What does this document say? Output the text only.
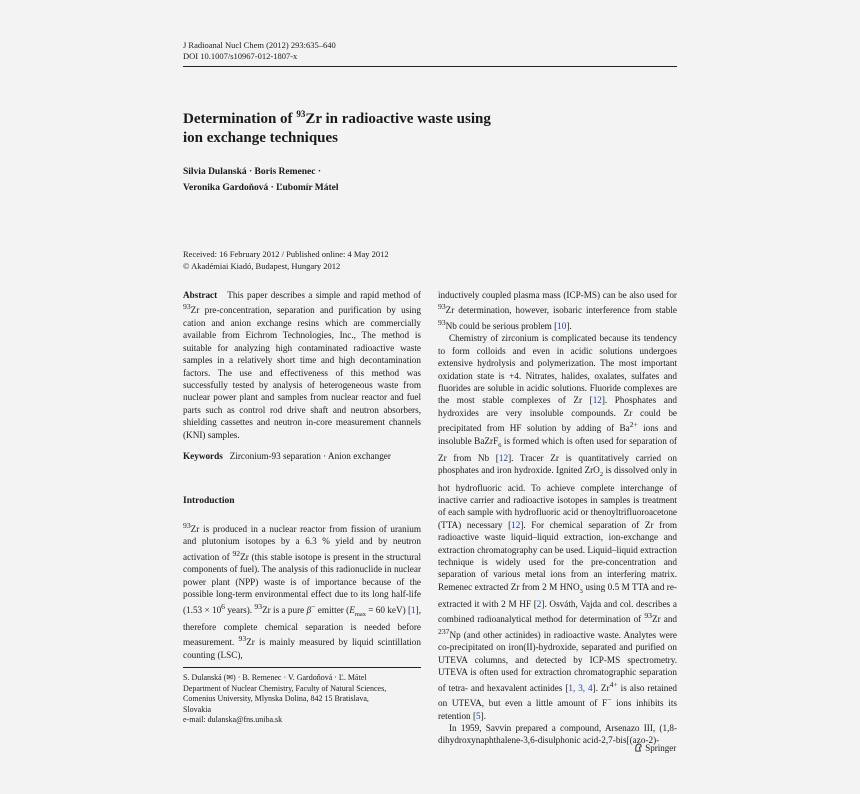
J Radioanal Nucl Chem (2012) 293:635–640
DOI 10.1007/s10967-012-1807-x
Determination of $^{93}$Zr in radioactive waste using
ion exchange techniques
Silvia Dulanská · Boris Remenec ·
Veronika Gardoňová · Ľubomír Mátel
Received: 16 February 2012 / Published online: 4 May 2012
© Akadémiai Kiadó, Budapest, Hungary 2012

Abstract This paper describes a simple and rapid method of $^{93}$Zr pre-concentration, separation and purification by using cation and anion exchange resins which are commercially available from Eichrom Technologies, Inc., The method is suitable for analyzing high contaminated radioactive waste samples in a relatively short time and high decontamination factors. The use and effectiveness of this method was successfully tested by analysis of heterogeneous waste from nuclear power plant and samples from nuclear reactor and fuel parts such as control rod drive shaft and neutron absorbers, shielding cassettes and neutron in-core measurement channels (KNI) samples.

Keywords Zirconium-93 separation · Anion exchanger

Introduction

$^{93}$Zr is produced in a nuclear reactor from fission of uranium and plutonium isotopes by a 6.3 % yield and by neutron activation of $^{92}$Zr (this stable isotope is present in the structural components of fuel). The analysis of this radionuclide in nuclear power plant (NPP) waste is of importance because of the possible long-term environmental effect due to its long half-life ($1.53 \times 10^6$ years). $^{93}$Zr is a pure β− emitter ($E_{max} = 60$ keV) [1], therefore complete chemical separation is needed before measurement. $^{93}$Zr is mainly measured by liquid scintillation counting (LSC),

S. Dulanská (✉) · B. Remenec · V. Gardoňová · Ľ. Mátel
Department of Nuclear Chemistry, Faculty of Natural Sciences,
Comenius University, Mlynska Dolina, 842 15 Bratislava,
Slovakia
e-mail: dulanska@fns.uniba.sk

inductively coupled plasma mass (ICP-MS) can be also used for $^{93}$Zr determination, however, isobaric interference from stable $^{93}$Nb could be serious problem [10].

Chemistry of zirconium is complicated because its tendency to form colloids and even in acidic solutions undergoes extensive hydrolysis and polymerization. The most important oxidation state is +4. Nitrates, halides, oxalates, sulfates and fluorides are soluble in acidic solutions. Fluoride complexes are the most stable complexes of Zr [12]. Phosphates and hydroxides are very insoluble compounds. Zr could be precipitated from HF solution by adding of $Ba^{2+}$ ions and insoluble BaZrF$_6$ is formed which is often used for separation of Zr from Nb [12]. Tracer Zr is quantitatively carried on phosphates and iron hydroxide. Ignited ZrO$_2$ is dissolved only in hot hydrofluoric acid. To achieve complete interchange of inactive carrier and radioactive isotopes in samples is treatment of each sample with hydrofluoric acid or thenoyltrifluoroacetone (TTA) necessary [12]. For chemical separation of Zr from radioactive waste liquid–liquid extraction, ion-exchange and extraction chromatography can be used. Liquid–liquid extraction technique is widely used for the pre-concentration and separation of various metal ions from an interfering matrix. Remenec extracted Zr from 2 M $HNO_3$ using 0.5 M TTA and re-extracted it with 2 M HF [2]. Osváth, Vajda and col. describes a combined radioanalytical method for determination of $^{93}$Zr and $^{237}$Np (and other actinides) in radioactive waste. Analytes were co-precipitated on iron(II)-hydroxide, separated and purified on UTEVA columns, and detected by ICP-MS spectrometry. UTEVA is often used for extraction chromatographic separation of tetra- and hexavalent actinides [1, 3, 4]. $Zr^{4+}$ is also retained on UTEVA, but even a little amount of F− ions inhibits its retention [5].

In 1959, Savvin prepared a compound, Arsenazo III, (1,8-dihydroxynaphthalene-3,6-disulphonic acid-2,7-bis[(azo-2)-

Springer
